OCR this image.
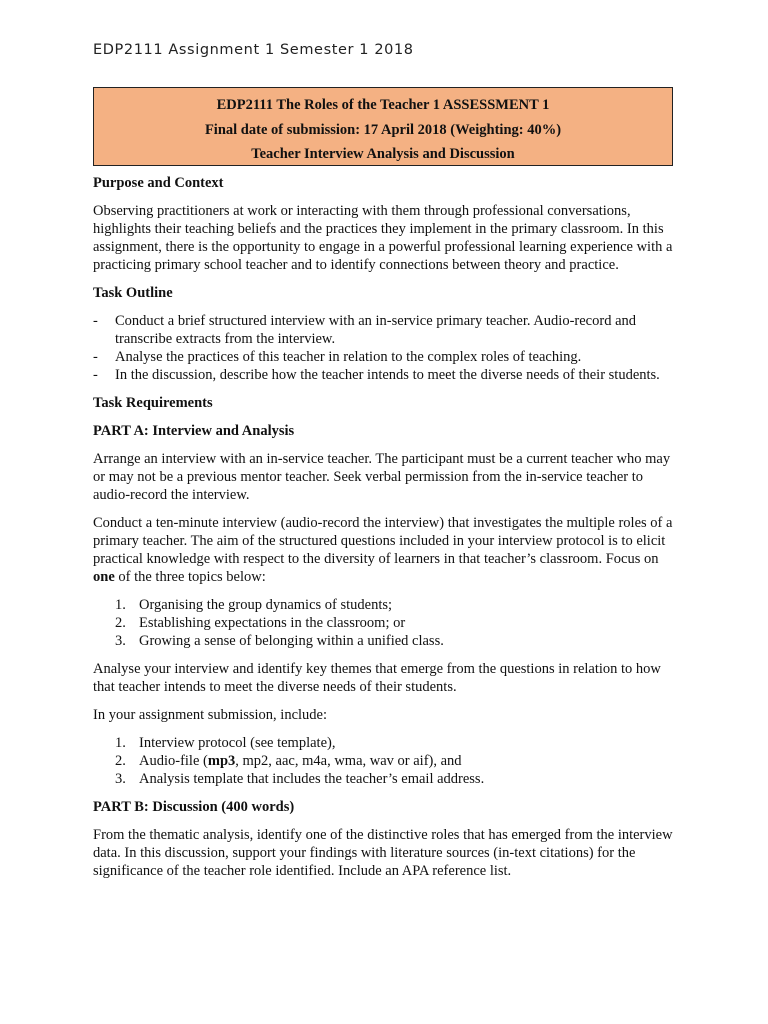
EDP2111 Assignment 1 Semester 1 2018
EDP2111 The Roles of the Teacher 1 ASSESSMENT 1
Final date of submission: 17 April 2018 (Weighting: 40%)
Teacher Interview Analysis and Discussion
Purpose and Context

Observing practitioners at work or interacting with them through professional conversations, highlights their teaching beliefs and the practices they implement in the primary classroom. In this assignment, there is the opportunity to engage in a powerful professional learning experience with a practicing primary school teacher and to identify connections between theory and practice.

Task Outline
- Conduct a brief structured interview with an in-service primary teacher. Audio-record and transcribe extracts from the interview.
- Analyse the practices of this teacher in relation to the complex roles of teaching.
- In the discussion, describe how the teacher intends to meet the diverse needs of their students.
Task Requirements
PART A: Interview and Analysis

Arrange an interview with an in-service teacher. The participant must be a current teacher who may or may not be a previous mentor teacher. Seek verbal permission from the in-service teacher to audio-record the interview.

Conduct a ten-minute interview (audio-record the interview) that investigates the multiple roles of a primary teacher. The aim of the structured questions included in your interview protocol is to elicit practical knowledge with respect to the diversity of learners in that teacher’s classroom. Focus on one of the three topics below:

1. Organising the group dynamics of students;
2. Establishing expectations in the classroom; or
3. Growing a sense of belonging within a unified class.

Analyse your interview and identify key themes that emerge from the questions in relation to how that teacher intends to meet the diverse needs of their students.

In your assignment submission, include:

1. Interview protocol (see template),
2. Audio-file (mp3, mp2, aac, m4a, wma, wav or aif), and
3. Analysis template that includes the teacher’s email address.
PART B: Discussion (400 words)

From the thematic analysis, identify one of the distinctive roles that has emerged from the interview data. In this discussion, support your findings with literature sources (in-text citations) for the significance of the teacher role identified. Include an APA reference list.
